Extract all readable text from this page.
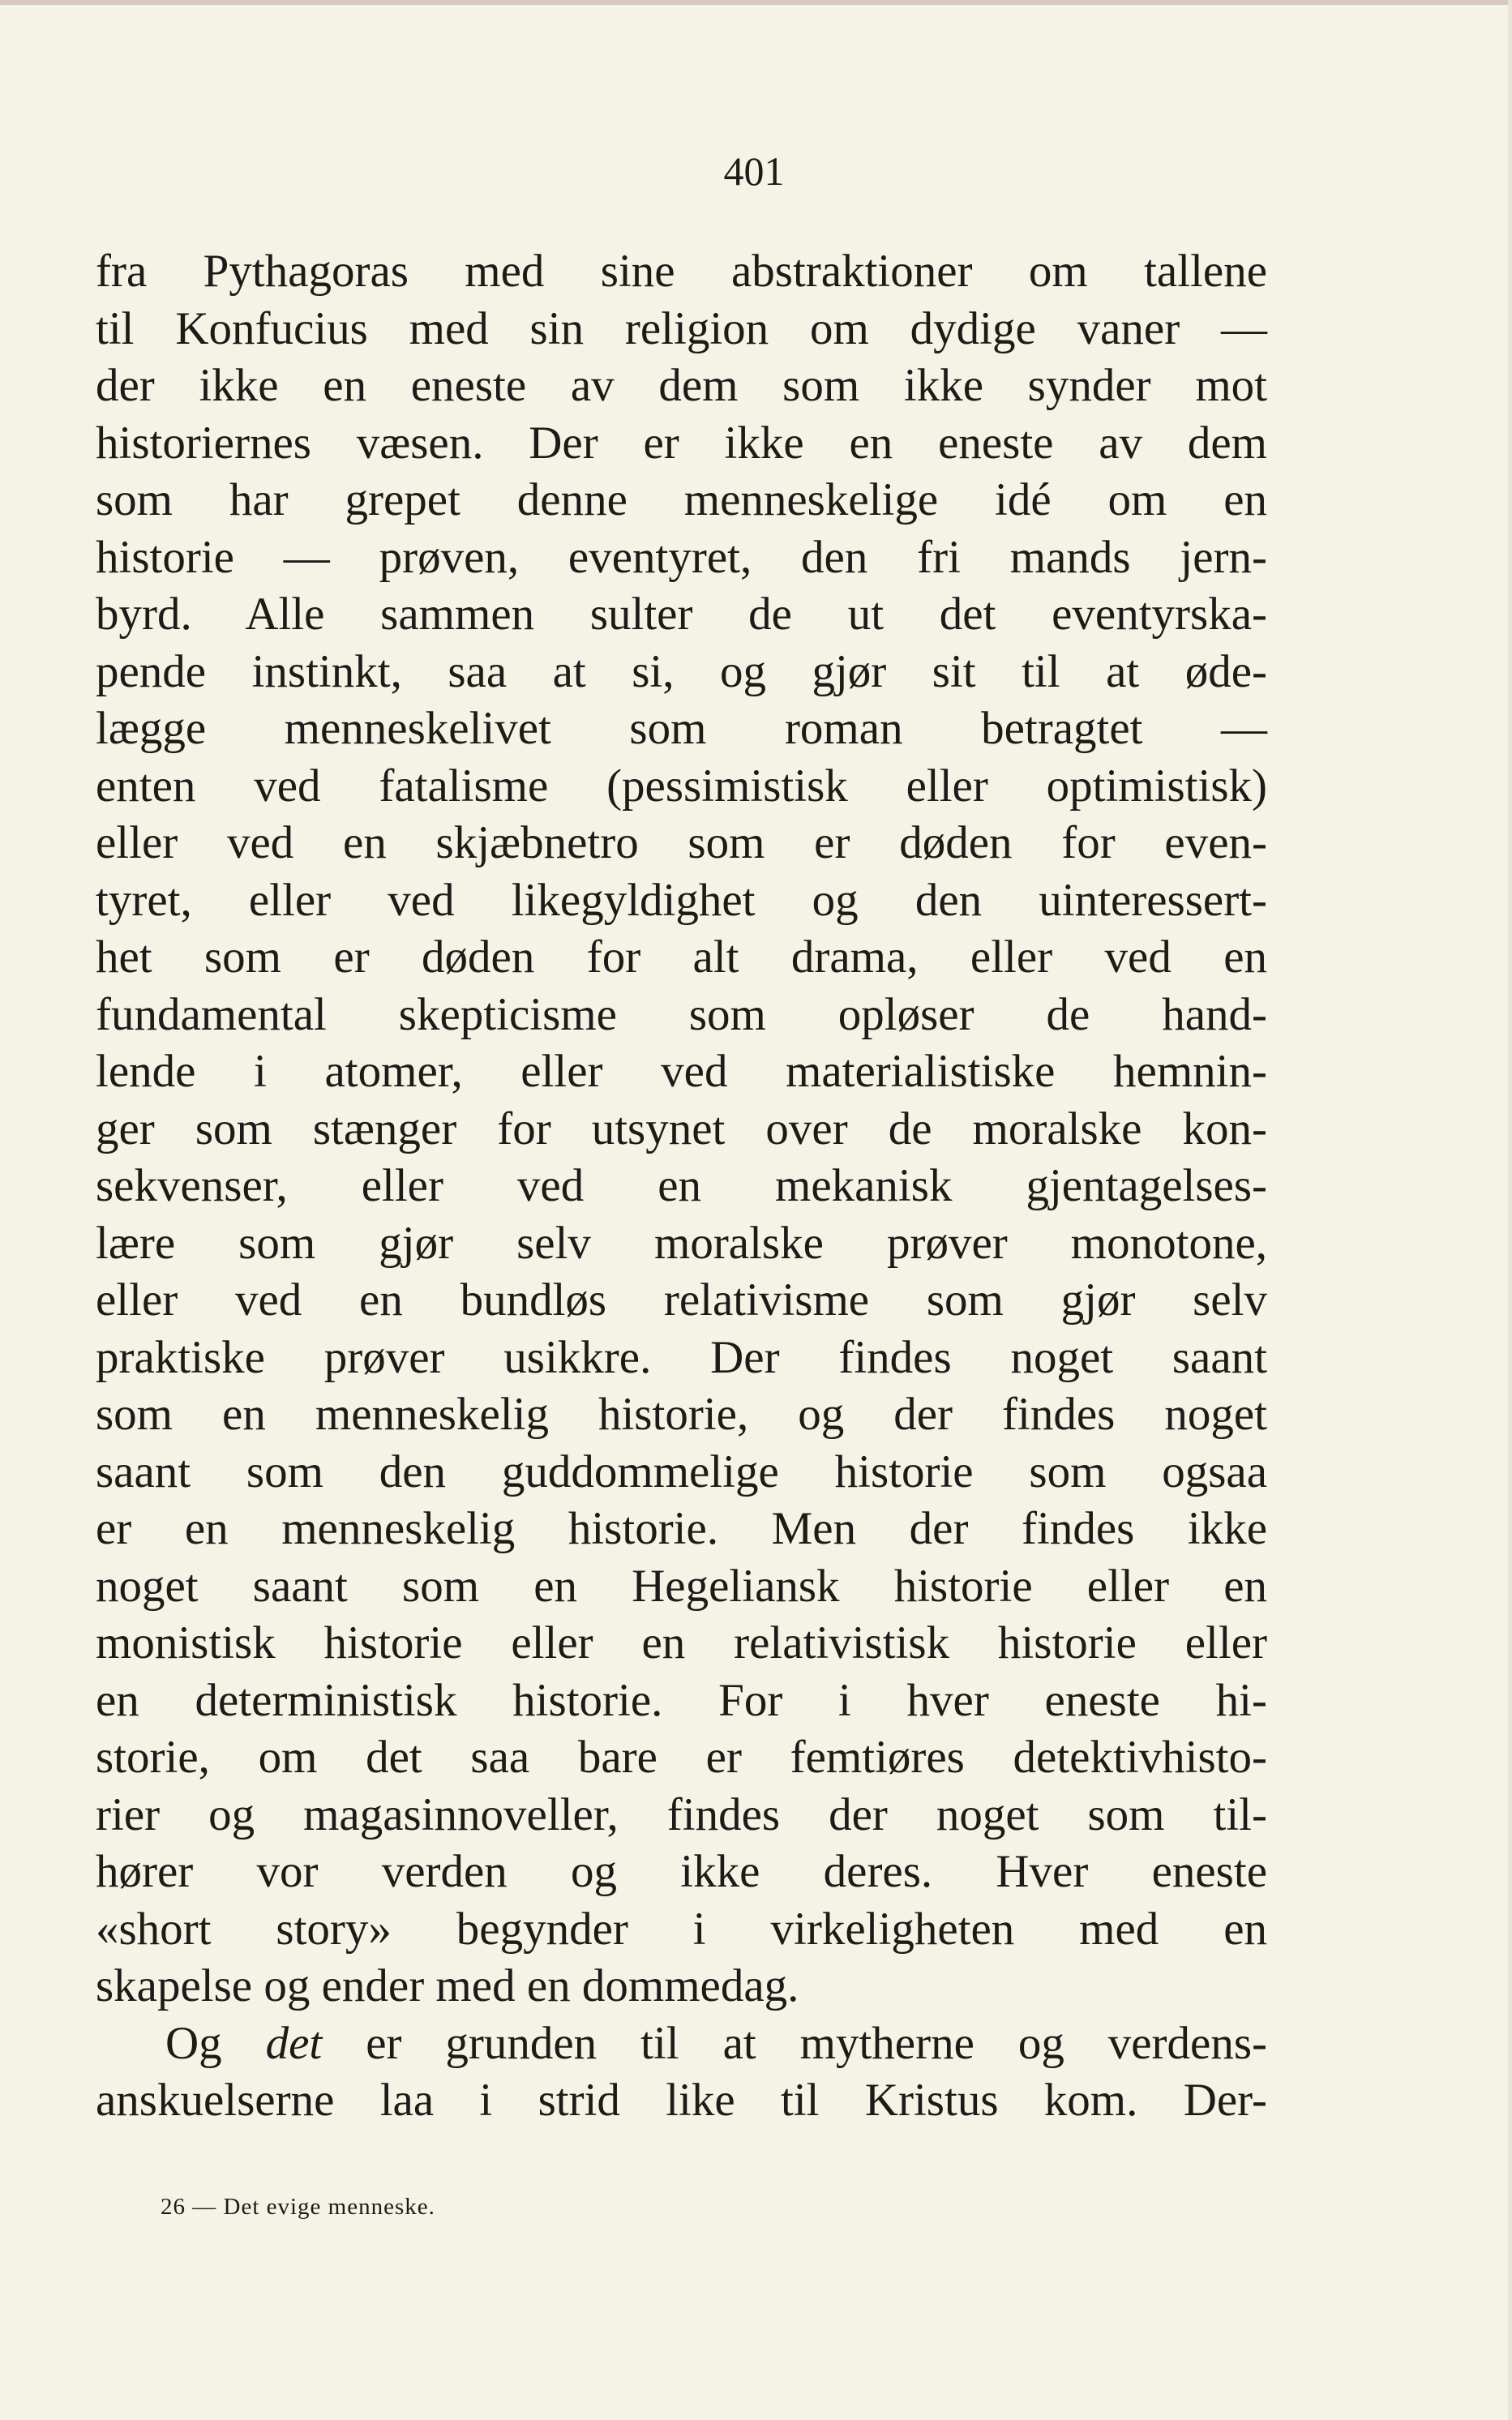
401
fra Pythagoras med sine abstraktioner om tallene
til Konfucius med sin religion om dydige vaner —
der ikke en eneste av dem som ikke synder mot
historiernes væsen. Der er ikke en eneste av dem
som har grepet denne menneskelige idé om en
historie — prøven, eventyret, den fri mands jern-
byrd. Alle sammen sulter de ut det eventyrska-
pende instinkt, saa at si, og gjør sit til at øde-
lægge menneskelivet som roman betragtet —
enten ved fatalisme (pessimistisk eller optimistisk)
eller ved en skjæbnetro som er døden for even-
tyret, eller ved likegyldighet og den uinteressert-
het som er døden for alt drama, eller ved en
fundamental skepticisme som opløser de hand-
lende i atomer, eller ved materialistiske hemnin-
ger som stænger for utsynet over de moralske kon-
sekvenser, eller ved en mekanisk gjentagelses-
lære som gjør selv moralske prøver monotone,
eller ved en bundløs relativisme som gjør selv
praktiske prøver usikkre. Der findes noget saant
som en menneskelig historie, og der findes noget
saant som den guddommelige historie som ogsaa
er en menneskelig historie. Men der findes ikke
noget saant som en Hegeliansk historie eller en
monistisk historie eller en relativistisk historie eller
en deterministisk historie. For i hver eneste hi-
storie, om det saa bare er femtiøres detektivhisto-
rier og magasinnoveller, findes der noget som til-
hører vor verden og ikke deres. Hver eneste
«short story» begynder i virkeligheten med en
skapelse og ender med en dommedag.
Og det er grunden til at mytherne og verdens-
anskuelserne laa i strid like til Kristus kom. Der-
26 — Det evige menneske.
